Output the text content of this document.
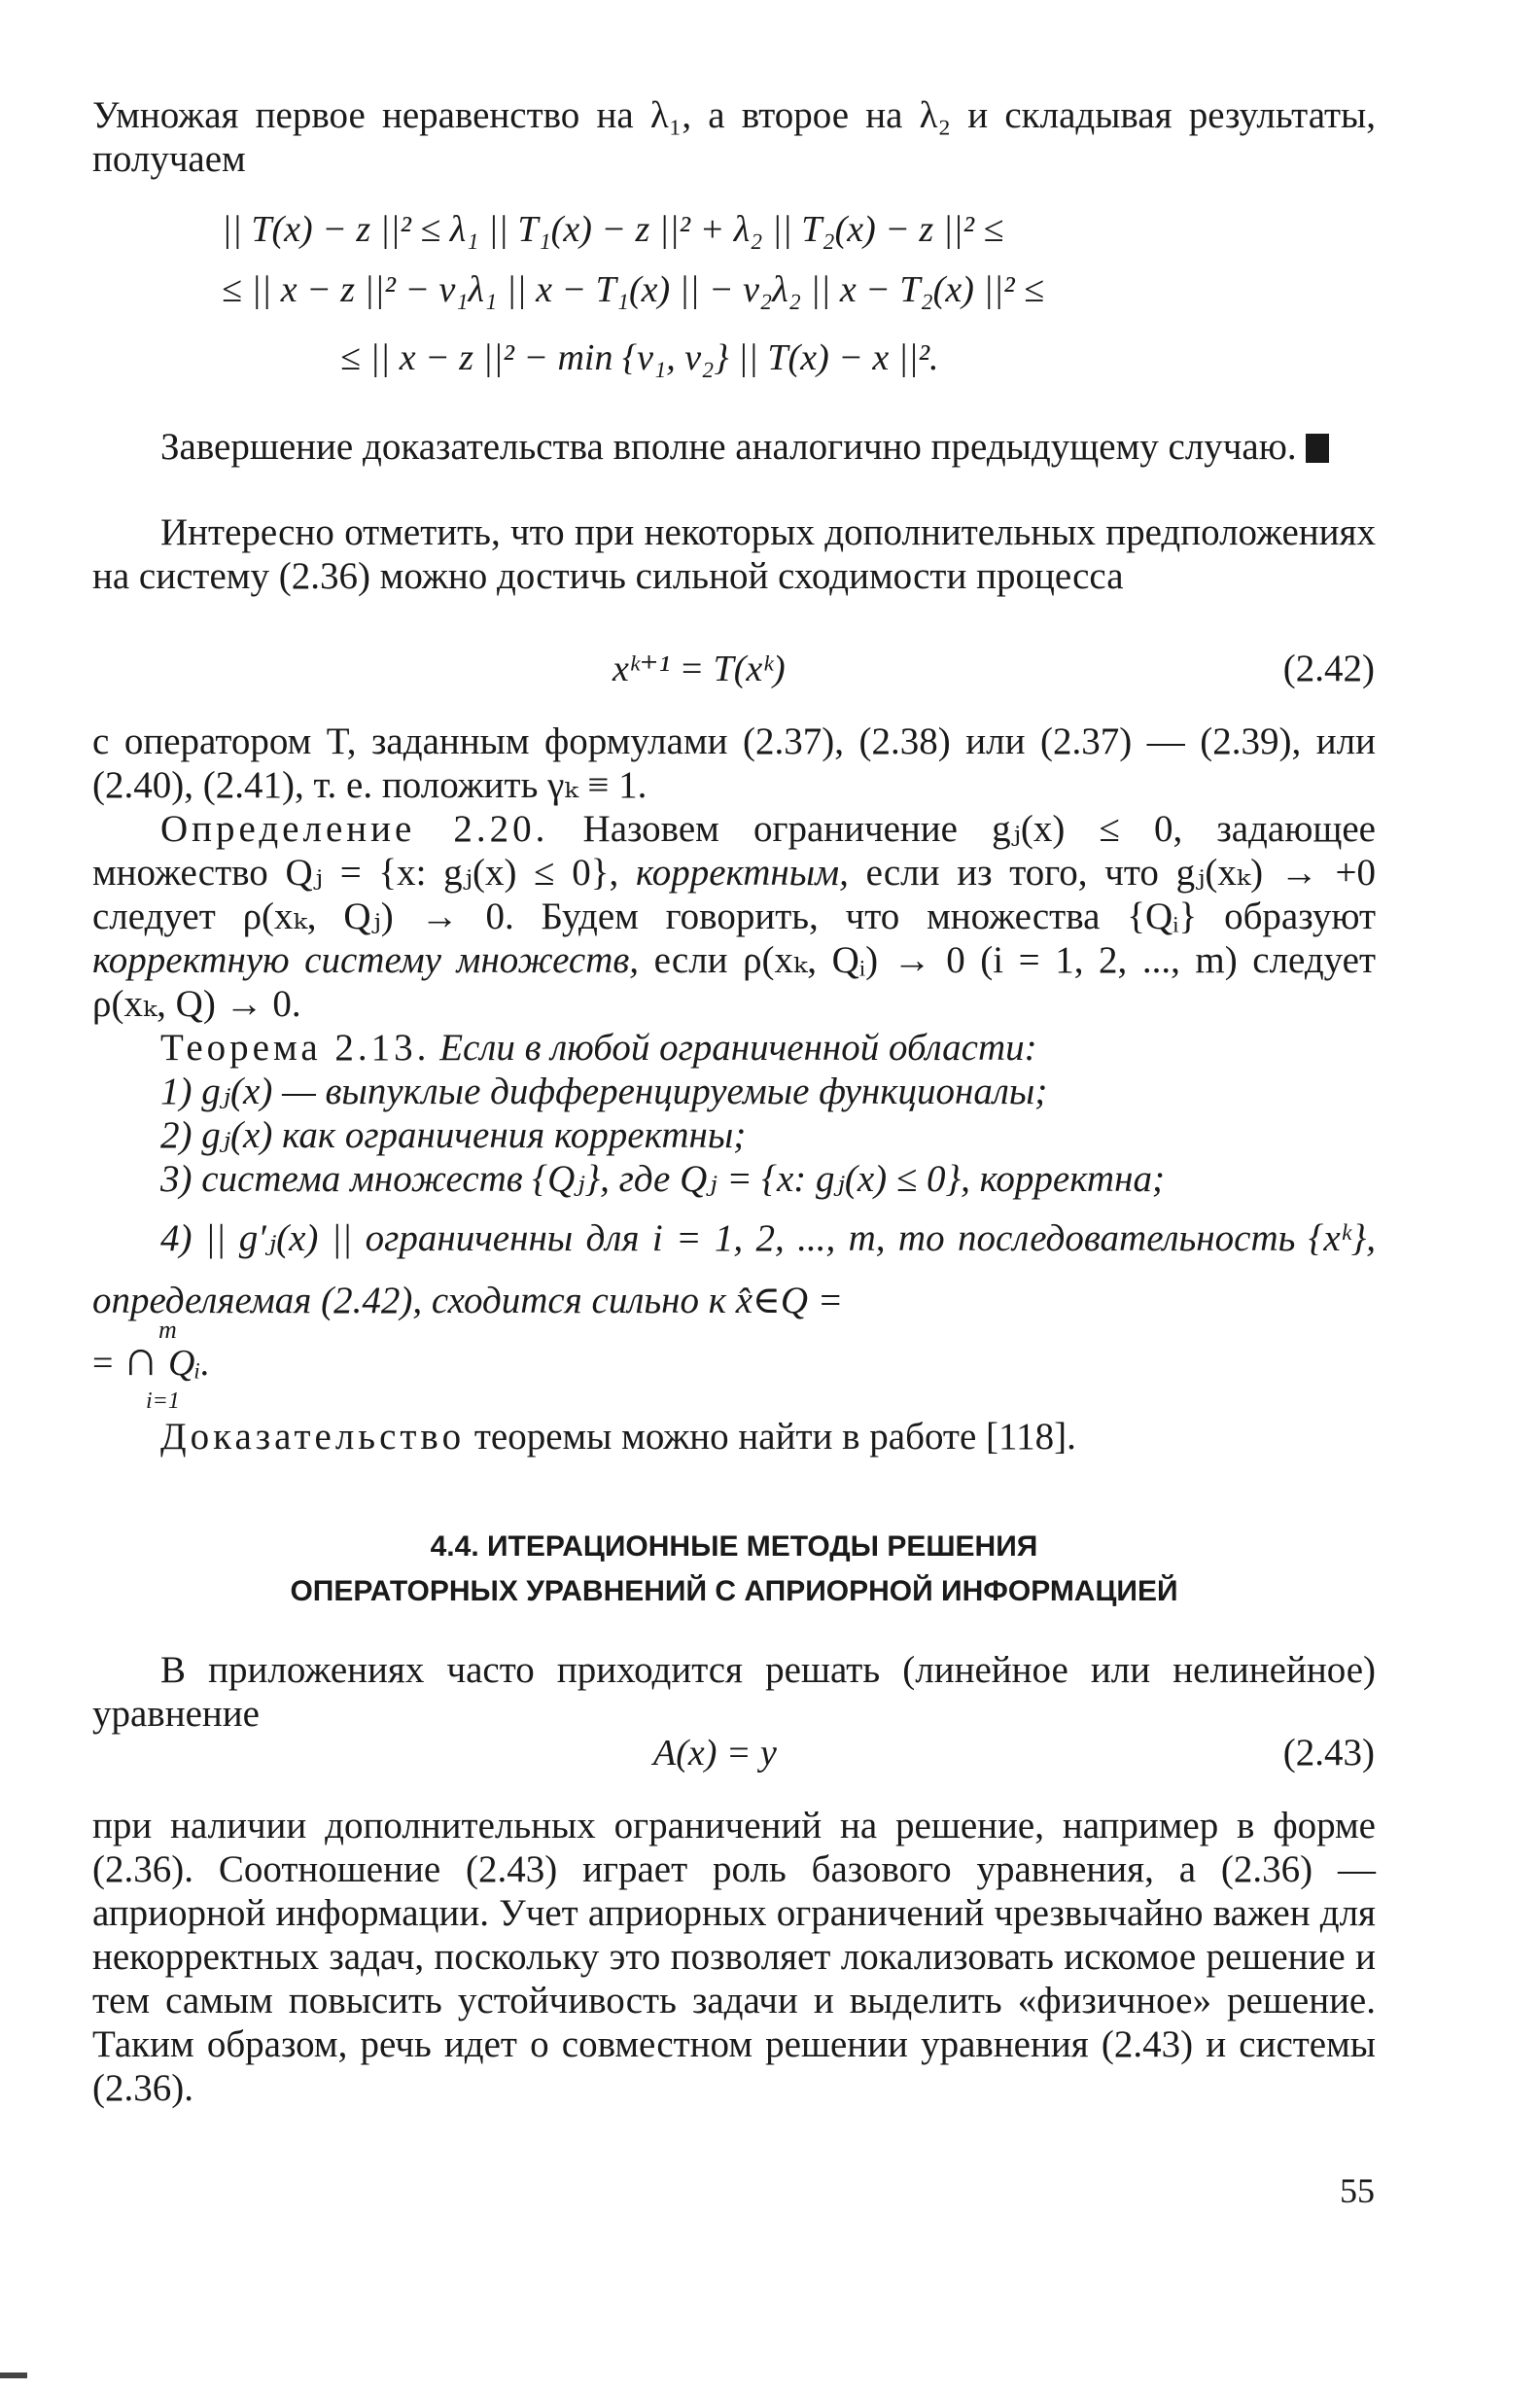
Умножая первое неравенство на λ₁, а второе на λ₂ и складывая результаты, получаем

|| T(x) − z ||² ≤ λ₁ || T₁(x) − z ||² + λ₂ || T₂(x) − z ||² ≤
≤ || x − z ||² − ν₁λ₁ || x − T₁(x) || − ν₂λ₂ || x − T₂(x) ||² ≤
≤ || x − z ||² − min {ν₁, ν₂} || T(x) − x ||².

Завершение доказательства вполне аналогично предыдущему случаю.

Интересно отметить, что при некоторых дополнительных предположениях на систему (2.36) можно достичь сильной сходимости процесса

xᵏ⁺¹ = T(xᵏ)	(2.42)

с оператором T, заданным формулами (2.37), (2.38) или (2.37) — (2.39), или (2.40), (2.41), т. е. положить γₖ ≡ 1.

Определение 2.20. Назовем ограничение gⱼ(x) ≤ 0, задающее множество Qⱼ = {x: gⱼ(x) ≤ 0}, корректным, если из того, что gⱼ(xₖ) → +0 следует ρ(xₖ, Qⱼ) → 0. Будем говорить, что множества {Qᵢ} образуют корректную систему множеств, если ρ(xₖ, Qᵢ) → 0 (i = 1, 2, ..., m) следует ρ(xₖ, Q) → 0.

Теорема 2.13. Если в любой ограниченной области:

1) gⱼ(x) — выпуклые дифференцируемые функционалы;

2) gⱼ(x) как ограничения корректны;

3) система множеств {Qⱼ}, где Qⱼ = {x: gⱼ(x) ≤ 0}, корректна;

4) || g′ⱼ(x) || ограниченны для i = 1, 2, ..., m, то последовательность {xᵏ}, определяемая (2.42), сходится сильно к x̂∈Q =

m
= ∩ Qᵢ.
i=1

Доказательство теоремы можно найти в работе [118].

4.4. ИТЕРАЦИОННЫЕ МЕТОДЫ РЕШЕНИЯ
ОПЕРАТОРНЫХ УРАВНЕНИЙ С АПРИОРНОЙ ИНФОРМАЦИЕЙ

В приложениях часто приходится решать (линейное или нелинейное) уравнение

A(x) = y	(2.43)

при наличии дополнительных ограничений на решение, например в форме (2.36). Соотношение (2.43) играет роль базового уравнения, а (2.36) — априорной информации. Учет априорных ограничений чрезвычайно важен для некорректных задач, поскольку это позволяет локализовать искомое решение и тем самым повысить устойчивость задачи и выделить «физичное» решение. Таким образом, речь идет о совместном решении уравнения (2.43) и системы (2.36).

55
